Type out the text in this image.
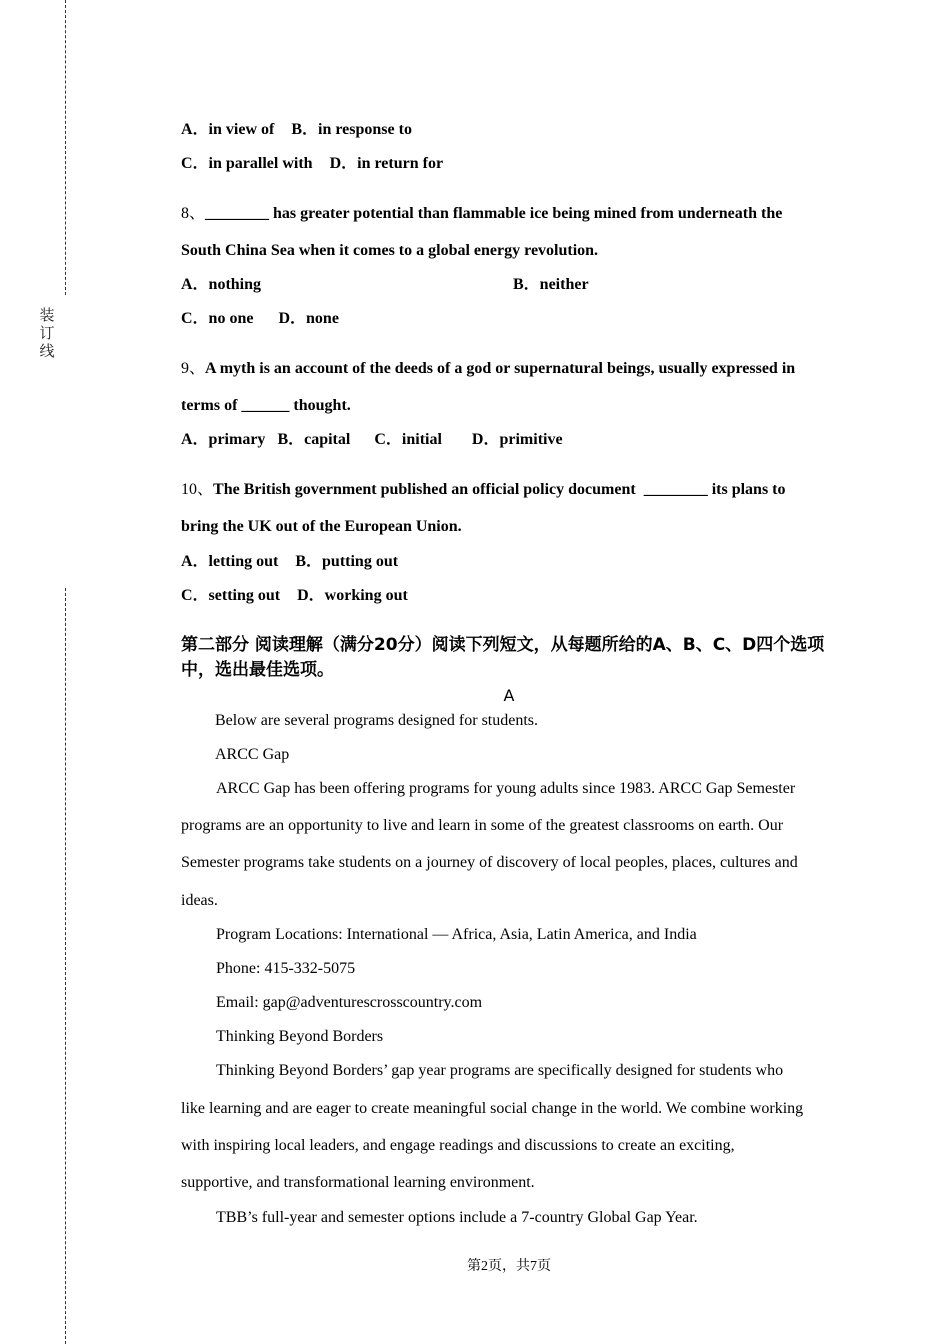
装订线
A．in view of B．in response to
C．in parallel with D．in return for
8、________ has greater potential than flammable ice being mined from underneath the
South China Sea when it comes to a global energy revolution.
A．nothing	B．neither
C．no one D．none
9、A myth is an account of the deeds of a god or supernatural beings, usually expressed in
terms of ______ thought.
A．primary B．capital C．initial D．primitive
10、The British government published an official policy document  ________ its plans to
bring the UK out of the European Union.
A．letting out B．putting out
C．setting out D．working out
第二部分 阅读理解（满分20分）阅读下列短文，从每题所给的A、B、C、D四个选项中，选出最佳选项。
A
Below are several programs designed for students.
ARCC Gap
ARCC Gap has been offering programs for young adults since 1983. ARCC Gap Semester
programs are an opportunity to live and learn in some of the greatest classrooms on earth. Our
Semester programs take students on a journey of discovery of local peoples, places, cultures and
ideas.
Program Locations: International — Africa, Asia, Latin America, and India
Phone: 415-332-5075
Email: gap@adventurescrosscountry.com
Thinking Beyond Borders
Thinking Beyond Borders’ gap year programs are specifically designed for students who
like learning and are eager to create meaningful social change in the world. We combine working
with inspiring local leaders, and engage readings and discussions to create an exciting,
supportive, and transformational learning environment.
TBB’s full-year and semester options include a 7-country Global Gap Year.
第2页，共7页
